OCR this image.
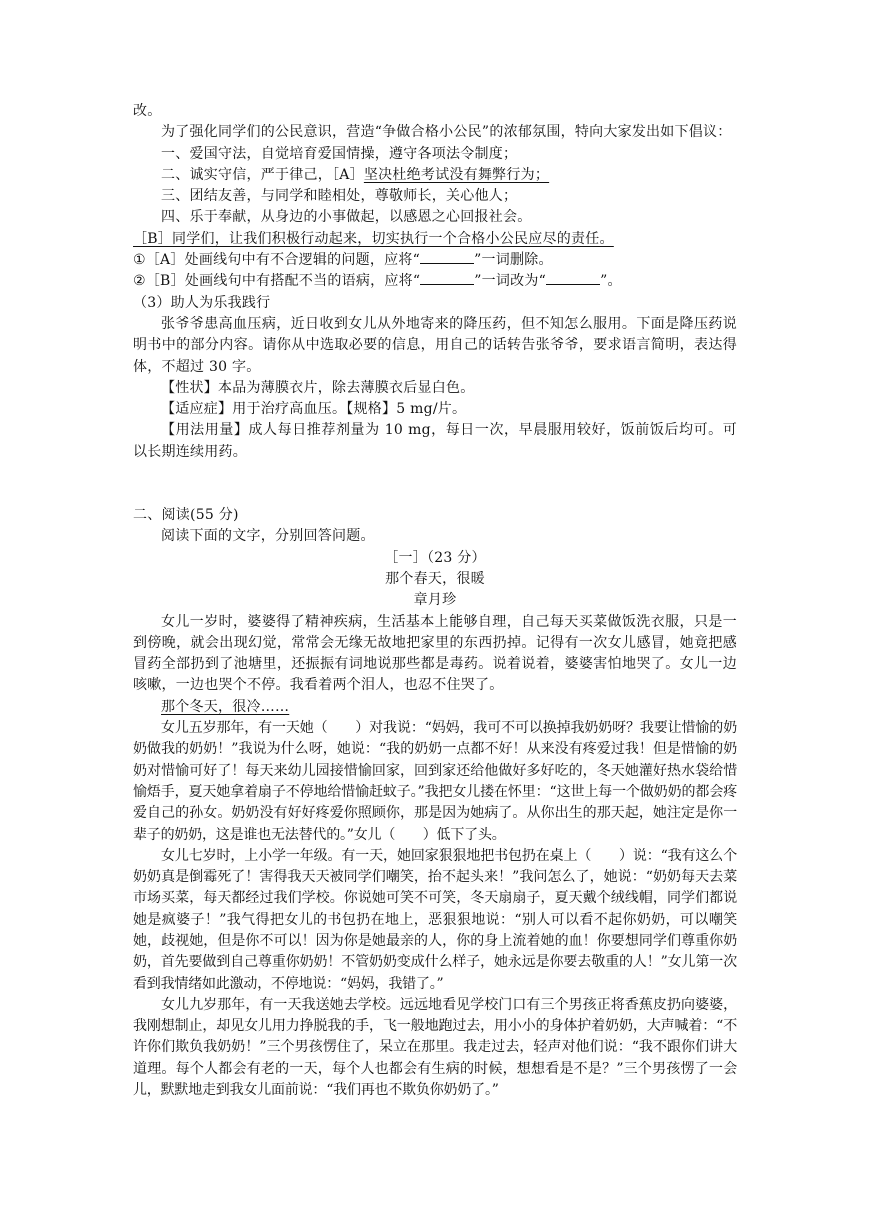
改。

为了强化同学们的公民意识，营造“争做合格小公民”的浓郁氛围，特向大家发出如下倡议：

一、爱国守法，自觉培育爱国情操，遵守各项法令制度；

二、诚实守信，严于律己，［A］坚决杜绝考试没有舞弊行为；

三、团结友善，与同学和睦相处，尊敬师长，关心他人；

四、乐于奉献，从身边的小事做起，以感恩之心回报社会。

［B］同学们，让我们积极行动起来，切实执行一个合格小公民应尽的责任。

①［A］处画线句中有不合逻辑的问题，应将“	”一词删除。

②［B］处画线句中有搭配不当的语病，应将“	”一词改为“	”。

（3）助人为乐我践行

张爷爷患高血压病，近日收到女儿从外地寄来的降压药，但不知怎么服用。下面是降压药说明书中的部分内容。请你从中选取必要的信息，用自己的话转告张爷爷，要求语言简明，表达得体，不超过 30 字。

【性状】本品为薄膜衣片，除去薄膜衣后显白色。

【适应症】用于治疗高血压。【规格】5 mg/片。

【用法用量】成人每日推荐剂量为 10 mg，每日一次，早晨服用较好，饭前饭后均可。可以长期连续用药。

二、阅读(55 分)

阅读下面的文字，分别回答问题。

［一］（23 分）

那个春天，很暖

章月珍

女儿一岁时，婆婆得了精神疾病，生活基本上能够自理，自己每天买菜做饭洗衣服，只是一到傍晚，就会出现幻觉，常常会无缘无故地把家里的东西扔掉。记得有一次女儿感冒，她竟把感冒药全部扔到了池塘里，还振振有词地说那些都是毒药。说着说着，婆婆害怕地哭了。女儿一边咳嗽，一边也哭个不停。我看着两个泪人，也忍不住哭了。

那个冬天，很冷……

女儿五岁那年，有一天她（　　）对我说：“妈妈，我可不可以换掉我奶奶呀？我要让惜愉的奶奶做我的奶奶！”我说为什么呀，她说：“我的奶奶一点都不好！从来没有疼爱过我！但是惜愉的奶奶对惜愉可好了！每天来幼儿园接惜愉回家，回到家还给他做好多好吃的，冬天她灌好热水袋给惜愉焐手，夏天她拿着扇子不停地给惜愉赶蚊子。”我把女儿搂在怀里：“这世上每一个做奶奶的都会疼爱自己的孙女。奶奶没有好好疼爱你照顾你，那是因为她病了。从你出生的那天起，她注定是你一辈子的奶奶，这是谁也无法替代的。”女儿（　　）低下了头。

女儿七岁时，上小学一年级。有一天，她回家狠狠地把书包扔在桌上（　　）说：“我有这么个奶奶真是倒霉死了！害得我天天被同学们嘲笑，抬不起头来！”我问怎么了，她说：“奶奶每天去菜市场买菜，每天都经过我们学校。你说她可笑不可笑，冬天扇扇子，夏天戴个绒线帽，同学们都说她是疯婆子！”我气得把女儿的书包扔在地上，恶狠狠地说：“别人可以看不起你奶奶，可以嘲笑她，歧视她，但是你不可以！因为你是她最亲的人，你的身上流着她的血！你要想同学们尊重你奶奶，首先要做到自己尊重你奶奶！不管奶奶变成什么样子，她永远是你要去敬重的人！”女儿第一次看到我情绪如此激动，不停地说：“妈妈，我错了。”

女儿九岁那年，有一天我送她去学校。远远地看见学校门口有三个男孩正将香蕉皮扔向婆婆，我刚想制止，却见女儿用力挣脱我的手，飞一般地跑过去，用小小的身体护着奶奶，大声喊着：“不许你们欺负我奶奶！”三个男孩愣住了，呆立在那里。我走过去，轻声对他们说：“我不跟你们讲大道理。每个人都会有老的一天，每个人也都会有生病的时候，想想看是不是？”三个男孩愣了一会儿，默默地走到我女儿面前说：“我们再也不欺负你奶奶了。”
